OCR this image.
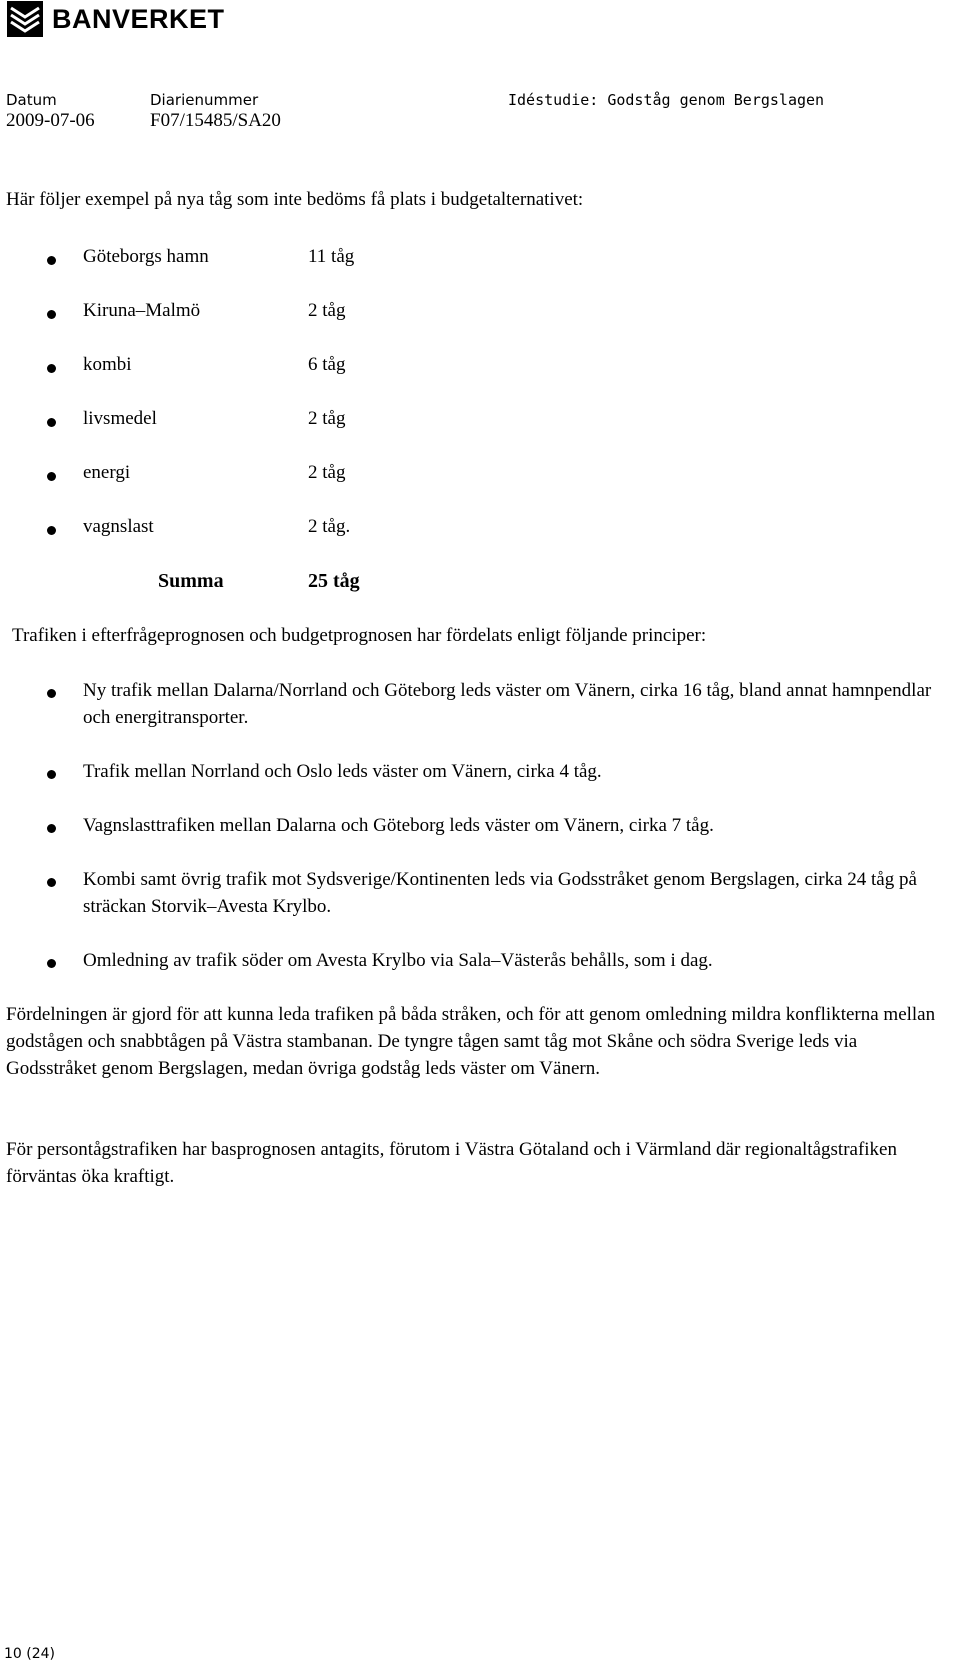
BANVERKET
Datum
2009-07-06
Diarienummer
F07/15485/SA20
Idéstudie: Godståg genom Bergslagen

Här följer exempel på nya tåg som inte bedöms få plats i budgetalternativet:

Göteborgs hamn	11 tåg
Kiruna–Malmö	2 tåg
kombi	6 tåg
livsmedel	2 tåg
energi	2 tåg
vagnslast	2 tåg.
Summa	25 tåg

Trafiken i efterfrågeprognosen och budgetprognosen har fördelats enligt följande principer:

Ny trafik mellan Dalarna/Norrland och Göteborg leds väster om Vänern, cirka 16 tåg, bland annat hamnpendlar och energitransporter.
Trafik mellan Norrland och Oslo leds väster om Vänern, cirka 4 tåg.
Vagnslasttrafiken mellan Dalarna och Göteborg leds väster om Vänern, cirka 7 tåg.
Kombi samt övrig trafik mot Sydsverige/Kontinenten leds via Godsstråket genom Bergslagen, cirka 24 tåg på sträckan Storvik–Avesta Krylbo.
Omledning av trafik söder om Avesta Krylbo via Sala–Västerås behålls, som i dag.

Fördelningen är gjord för att kunna leda trafiken på båda stråken, och för att genom omledning mildra konflikterna mellan godstågen och snabbtågen på Västra stambanan. De tyngre tågen samt tåg mot Skåne och södra Sverige leds via Godsstråket genom Bergslagen, medan övriga godståg leds väster om Vänern.

För persontågstrafiken har basprognosen antagits, förutom i Västra Götaland och i Värmland där regionaltågstrafiken förväntas öka kraftigt.

10 (24)
